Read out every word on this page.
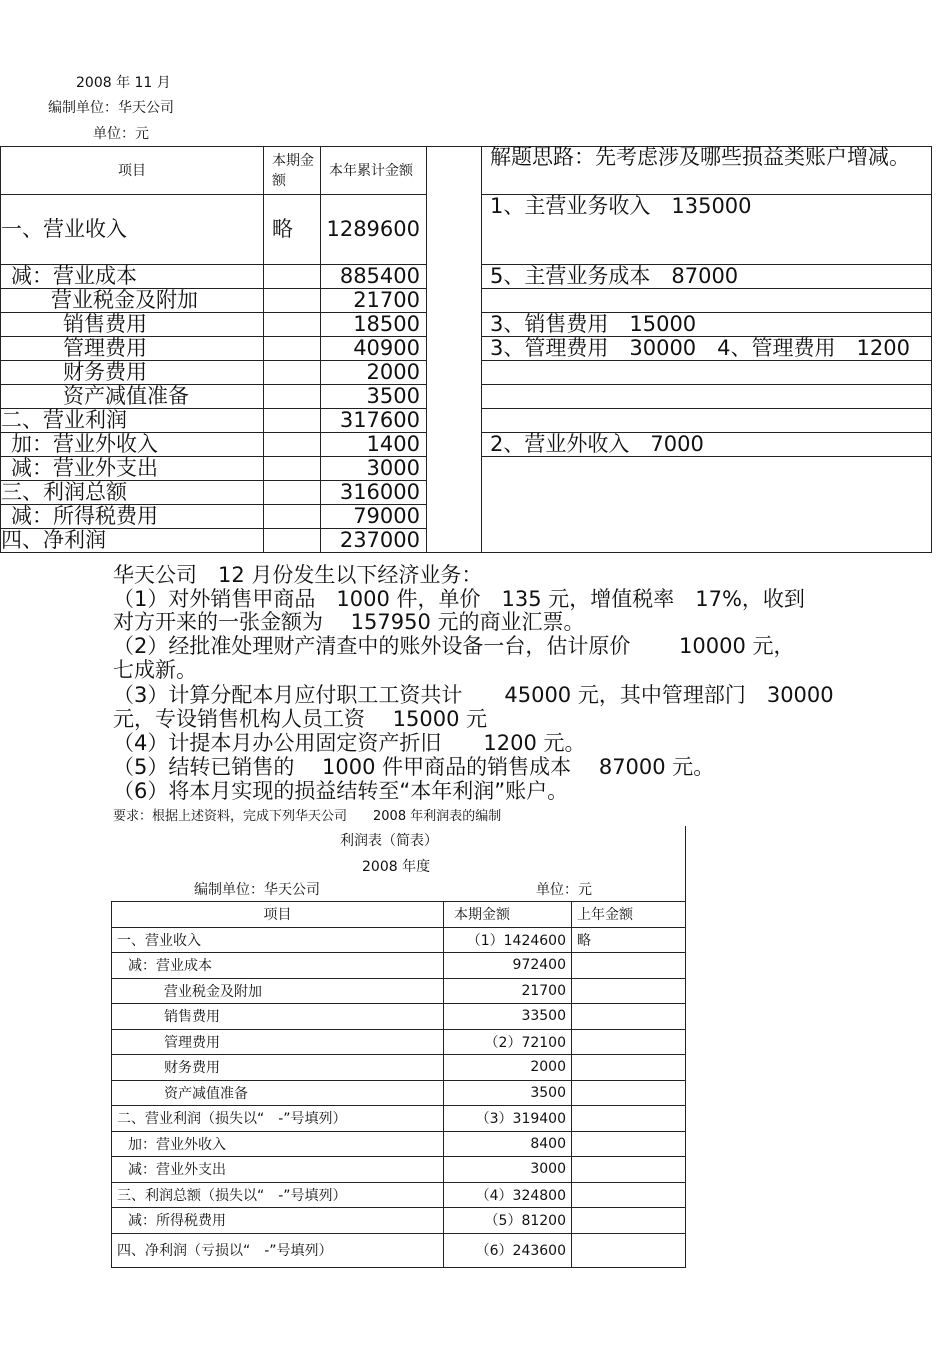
2008 年 11 月
编制单位：华天公司
单位：元
项目	本期金额	本年累计金额		解题思路：先考虑涉及哪些损益类账户增减。
一、营业收入	略	1289600		1、主营业务收入　135000
减：营业成本		885400		5、主营业务成本　87000
营业税金及附加		21700		
销售费用		18500		3、销售费用　15000
管理费用		40900		3、管理费用　30000　4、管理费用　1200
财务费用		2000		
资产减值准备		3500		
二、营业利润		317600		
加：营业外收入		1400		2、营业外收入　7000
减：营业外支出		3000		
三、利润总额		316000		
减：所得税费用		79000		
四、净利润		237000		
华天公司　12 月份发生以下经济业务：
（1）对外销售甲商品　1000 件，单价　135 元，增值税率　17%，收到
对方开来的一张金额为　 157950 元的商业汇票。
（2）经批准处理财产清查中的账外设备一台，估计原价　　 10000 元，
七成新。
（3）计算分配本月应付职工工资共计　　45000 元，其中管理部门　30000
元，专设销售机构人员工资　 15000 元
（4）计提本月办公用固定资产折旧　　1200 元。
（5）结转已销售的　 1000 件甲商品的销售成本　 87000 元。
（6）将本月实现的损益结转至“本年利润”账户。
要求：根据上述资料，完成下列华天公司　　2008 年利润表的编制
利润表（简表）
2008 年度
编制单位：华天公司	单位：元
项目	本期金额	上年金额
一、营业收入	（1）1424600	略
减：营业成本	972400	
营业税金及附加	21700	
销售费用	33500	
管理费用	（2）72100	
财务费用	2000	
资产减值准备	3500	
二、营业利润（损失以“　-”号填列）	（3）319400	
加：营业外收入	8400	
减：营业外支出	3000	
三、利润总额（损失以“　-”号填列）	（4）324800	
减：所得税费用	（5）81200	
四、净利润（亏损以“　-”号填列）	（6）243600	
